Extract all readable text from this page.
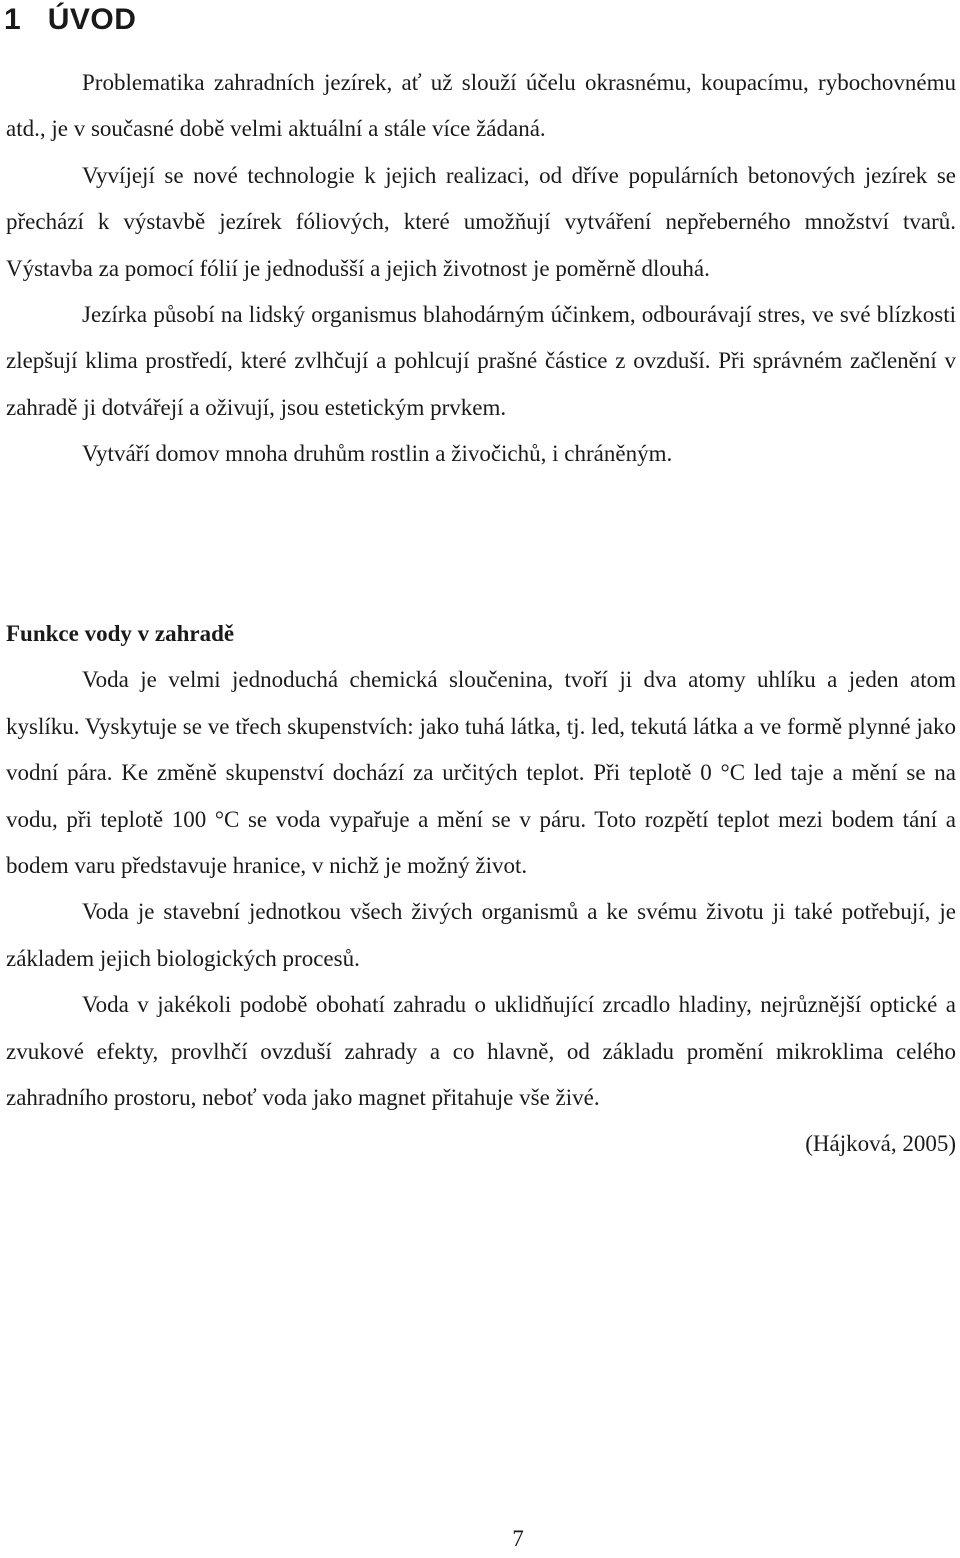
1 ÚVOD

Problematika zahradních jezírek, ať už slouží účelu okrasnému, koupacímu, rybochovnému atd., je v současné době velmi aktuální a stále více žádaná.

Vyvíjejí se nové technologie k jejich realizaci, od dříve populárních betonových jezírek se přechází k výstavbě jezírek fóliových, které umožňují vytváření nepřeberného množství tvarů. Výstavba za pomocí fólií je jednodušší a jejich životnost je poměrně dlouhá.

Jezírka působí na lidský organismus blahodárným účinkem, odbourávají stres, ve své blízkosti zlepšují klima prostředí, které zvlhčují a pohlcují prašné částice z ovzduší. Při správném začlenění v zahradě ji dotvářejí a oživují, jsou estetickým prvkem.

Vytváří domov mnoha druhům rostlin a živočichů, i chráněným.

Funkce vody v zahradě

Voda je velmi jednoduchá chemická sloučenina, tvoří ji dva atomy uhlíku a jeden atom kyslíku. Vyskytuje se ve třech skupenstvích: jako tuhá látka, tj. led, tekutá látka a ve formě plynné jako vodní pára. Ke změně skupenství dochází za určitých teplot. Při teplotě 0 °C led taje a mění se na vodu, při teplotě 100 °C se voda vypařuje a mění se v páru. Toto rozpětí teplot mezi bodem tání a bodem varu představuje hranice, v nichž je možný život.

Voda je stavební jednotkou všech živých organismů a ke svému životu ji také potřebují, je základem jejich biologických procesů.

Voda v jakékoli podobě obohatí zahradu o uklidňující zrcadlo hladiny, nejrůznější optické a zvukové efekty, provlhčí ovzduší zahrady a co hlavně, od základu promění mikroklima celého zahradního prostoru, neboť voda jako magnet přitahuje vše živé.

(Hájková, 2005)

7
